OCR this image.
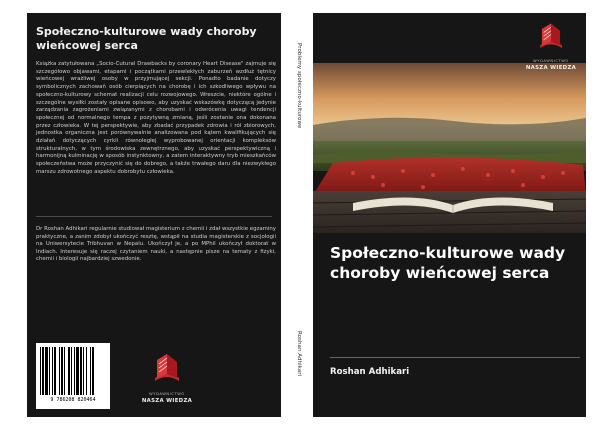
Społeczno-kulturowe wady choroby wieńcowej serca
Książka zatytułowana „Socio-Cutural Drawbacks by coronary Heart Disease" zajmuje się szczegółowo objawami, etapami i początkami przewlekłych zaburzeń wzdłuż tętnicy wieńcowej wrażliwej osoby w przyjmującej sekcji. Ponadto badanie dotyczy symbolicznych zachowań osób cierpiących na chorobę i ich szkodliwego wpływu na społeczno-kulturowy schemat realizacji celu rozwojowego. Wreszcie, niektóre ogólne i szczególne wysiłki zostały opisane opisowo, aby uzyskać wskazówkę dotyczącą jedynie zarządzania zagrożeniami związanymi z chorobami i odwrócenia uwagi tendencji społecznej od normalnego tempa z pozytywną zmianą, jeśli zostanie ona dokonana przez człowieka. W tej perspektywie, aby zbadać przypadek zdrowia i ról zbiorowych, jednostka organiczna jest porównywalnie analizowana pod kątem kwalifikujących się działań dotyczących cyrkli równoległej wyprobowanej orientacji kompleksów strukturalnych, w tym środowiska zewnętrznego, aby uzyskać perspektywiczną i harmonijną kulminację w sposób instynktowny, a zatem interaktywny tryb mieszkańców społeczeństwa może przyczynić się do dobrego, a także trwałego daru dla niezwykłego marszu zdrowotnego aspektu dobrobytu człowieka.
Dr Roshan Adhikari regularnie studiował magisterium z chemii i zdał wszystkie egzaminy praktyczne, a zanim zdobył ukończyć resztę, wstąpił na studia magisterskie z socjologii na Uniwersytecie Tribhuvan w Nepalu. Ukończył je, a po MPhil ukończył doktorat w Indiach. Interesuje się raczej czytaniem nauki, a następnie pisze na tematy z fizyki, chemii i biologii najbardziej szwedonie.
9 786208 820464
WYDAWNICTWO
NASZA WIEDZA
Problemy społeczno-kulturowe
Roshan Adhikari
WYDAWNICTWO
NASZA WIEDZA
Społeczno-kulturowe wady choroby wieńcowej serca
Roshan Adhikari
